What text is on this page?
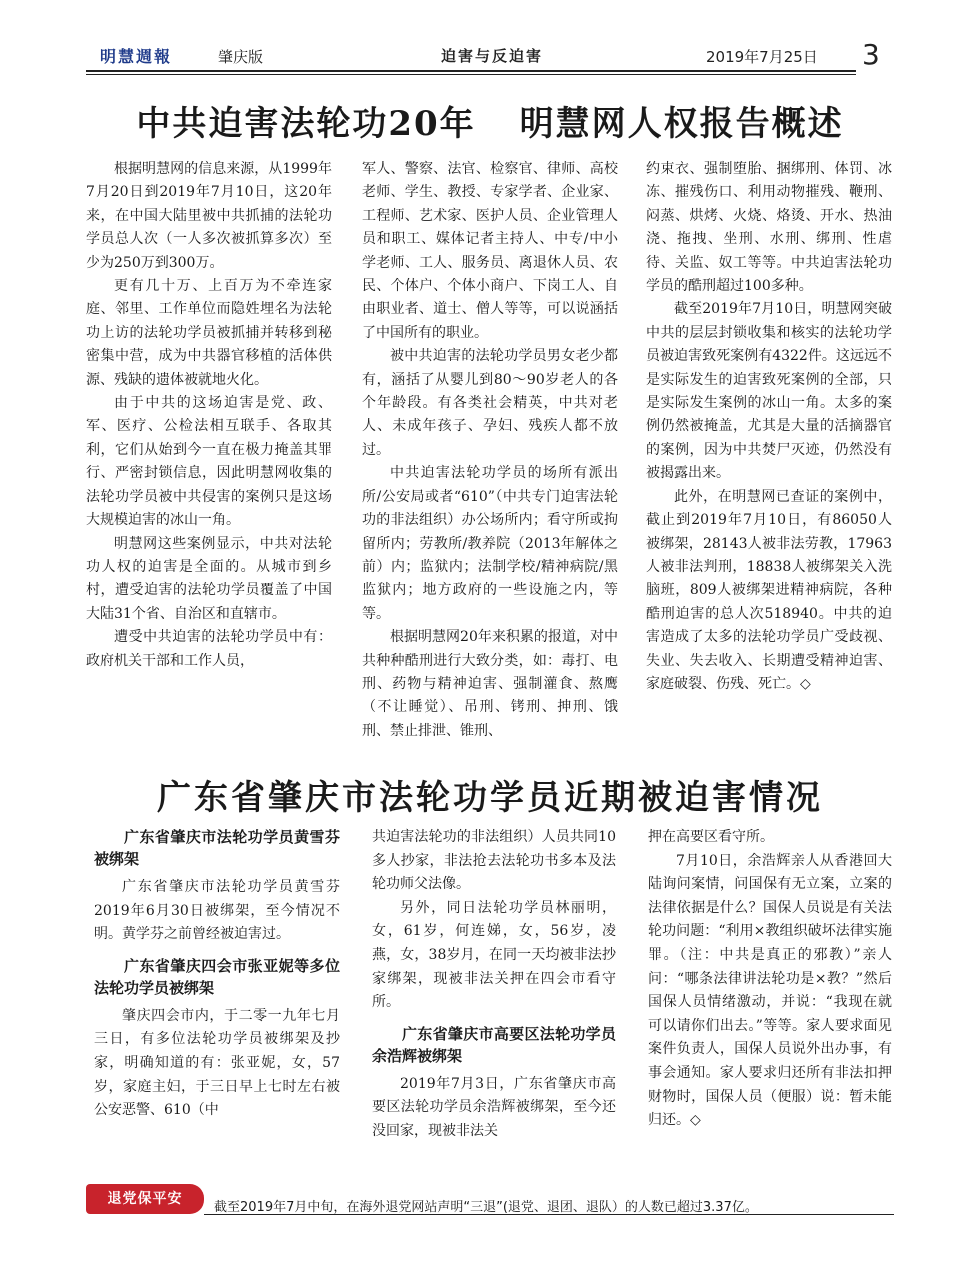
明慧週報	肇庆版	迫害与反迫害	2019年7月25日 3
中共迫害法轮功20年 明慧网人权报告概述

根据明慧网的信息来源，从1999年7月20日到2019年7月10日，这20年来，在中国大陆里被中共抓捕的法轮功学员总人次（一人多次被抓算多次）至少为250万到300万。

更有几十万、上百万为不牵连家庭、邻里、工作单位而隐姓埋名为法轮功上访的法轮功学员被抓捕并转移到秘密集中营，成为中共器官移植的活体供源、残缺的遗体被就地火化。

由于中共的这场迫害是党、政、军、医疗、公检法相互联手、各取其利，它们从始到今一直在极力掩盖其罪行、严密封锁信息，因此明慧网收集的法轮功学员被中共侵害的案例只是这场大规模迫害的冰山一角。

明慧网这些案例显示，中共对法轮功人权的迫害是全面的。从城市到乡村，遭受迫害的法轮功学员覆盖了中国大陆31个省、自治区和直辖市。

遭受中共迫害的法轮功学员中有：政府机关干部和工作人员，

军人、警察、法官、检察官、律师、高校老师、学生、教授、专家学者、企业家、工程师、艺术家、医护人员、企业管理人员和职工、媒体记者主持人、中专/中小学老师、工人、服务员、离退休人员、农民、个体户、个体小商户、下岗工人、自由职业者、道士、僧人等等，可以说涵括了中国所有的职业。

被中共迫害的法轮功学员男女老少都有，涵括了从婴儿到80～90岁老人的各个年龄段。有各类社会精英，中共对老人、未成年孩子、孕妇、残疾人都不放过。

中共迫害法轮功学员的场所有派出所/公安局或者“610”（中共专门迫害法轮功的非法组织）办公场所内；看守所或拘留所内；劳教所/教养院（2013年解体之前）内；监狱内；法制学校/精神病院/黑监狱内；地方政府的一些设施之内，等等。

根据明慧网20年来积累的报道，对中共种种酷刑进行大致分类，如：毒打、电刑、药物与精神迫害、强制灌食、熬鹰（不让睡觉）、吊刑、铐刑、抻刑、饿刑、禁止排泄、锥刑、

约束衣、强制堕胎、捆绑刑、体罚、冰冻、摧残伤口、利用动物摧残、鞭刑、闷蒸、烘烤、火烧、烙烫、开水、热油浇、拖拽、坐刑、水刑、绑刑、性虐待、关监、奴工等等。中共迫害法轮功学员的酷刑超过100多种。

截至2019年7月10日，明慧网突破中共的层层封锁收集和核实的法轮功学员被迫害致死案例有4322件。这远远不是实际发生的迫害致死案例的全部，只是实际发生案例的冰山一角。太多的案例仍然被掩盖，尤其是大量的活摘器官的案例，因为中共焚尸灭迹，仍然没有被揭露出来。

此外，在明慧网已查证的案例中，截止到2019年7月10日，有86050人被绑架，28143人被非法劳教，17963人被非法判刑，18838人被绑架关入洗脑班，809人被绑架进精神病院，各种酷刑迫害的总人次518940。中共的迫害造成了太多的法轮功学员广受歧视、失业、失去收入、长期遭受精神迫害、家庭破裂、伤残、死亡。◇

广东省肇庆市法轮功学员近期被迫害情况
广东省肇庆市法轮功学员黄雪芬被绑架

广东省肇庆市法轮功学员黄雪芬2019年6月30日被绑架，至今情况不明。黄学芬之前曾经被迫害过。

广东省肇庆四会市张亚妮等多位法轮功学员被绑架

肇庆四会市内，于二零一九年七月三日，有多位法轮功学员被绑架及抄家，明确知道的有：张亚妮，女，57岁，家庭主妇，于三日早上七时左右被公安恶警、610（中

共迫害法轮功的非法组织）人员共同10多人抄家，非法抢去法轮功书多本及法轮功师父法像。

另外，同日法轮功学员林丽明，女，61岁，何连娣，女，56岁，凌燕，女，38岁月，在同一天均被非法抄家绑架，现被非法关押在四会市看守所。

广东省肇庆市高要区法轮功学员余浩辉被绑架

2019年7月3日，广东省肇庆市高要区法轮功学员余浩辉被绑架，至今还没回家，现被非法关

押在高要区看守所。

7月10日，余浩辉亲人从香港回大陆询问案情，问国保有无立案，立案的法律依据是什么？国保人员说是有关法轮功问题：“利用×教组织破坏法律实施罪。（注：中共是真正的邪教）”亲人问：“哪条法律讲法轮功是×教？”然后国保人员情绪激动，并说：“我现在就可以请你们出去。”等等。家人要求面见案件负责人，国保人员说外出办事，有事会通知。家人要求归还所有非法扣押财物时，国保人员（便服）说：暂未能归还。◇

退党保平安
截至2019年7月中旬，在海外退党网站声明“三退”(退党、退团、退队）的人数已超过3.37亿。
